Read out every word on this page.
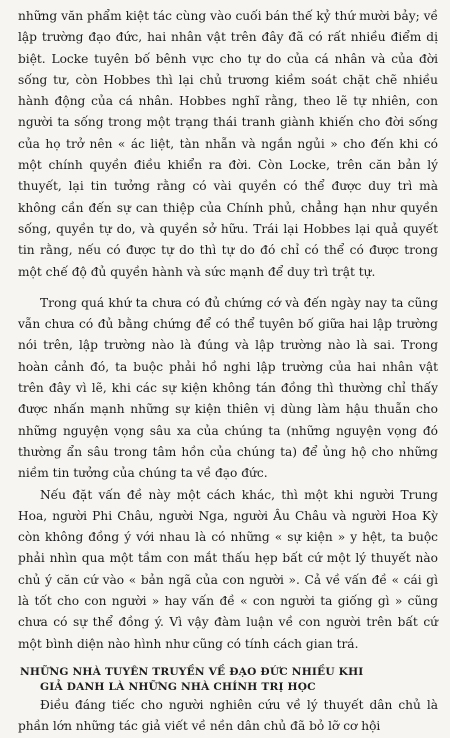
những văn phẩm kiệt tác cùng vào cuối bán thế kỷ thứ mười bảy; về lập trường đạo đức, hai nhân vật trên đây đã có rất nhiều điểm dị biệt. Locke tuyên bố bênh vực cho tự do của cá nhân và của đời sống tư, còn Hobbes thì lại chủ trương kiềm soát chặt chẽ nhiều hành động của cá nhân. Hobbes nghĩ rằng, theo lẽ tự nhiên, con người ta sống trong một trạng thái tranh giành khiến cho đời sống của họ trở nên « ác liệt, tàn nhẫn và ngắn ngủi » cho đến khi có một chính quyền điều khiển ra đời. Còn Locke, trên căn bản lý thuyết, lại tin tưởng rằng có vài quyền có thể được duy trì mà không cần đến sự can thiệp của Chính phủ, chẳng hạn như quyền sống, quyền tự do, và quyền sở hữu. Trái lại Hobbes lại quả quyết tin rằng, nếu có được tự do thì tự do đó chỉ có thể có được trong một chế độ đủ quyền hành và sức mạnh để duy trì trật tự.

Trong quá khứ ta chưa có đủ chứng cớ và đến ngày nay ta cũng vẫn chưa có đủ bằng chứng để có thể tuyên bố giữa hai lập trường nói trên, lập trường nào là đúng và lập trường nào là sai. Trong hoàn cảnh đó, ta buộc phải hồ nghi lập trường của hai nhân vật trên đây vì lẽ, khi các sự kiện không tán đồng thì thường chỉ thấy được nhấn mạnh những sự kiện thiên vị dùng làm hậu thuẫn cho những nguyện vọng sâu xa của chúng ta (những nguyện vọng đó thường ẩn sâu trong tâm hồn của chúng ta) để ủng hộ cho những niềm tin tưởng của chúng ta về đạo đức.

Nếu đặt vấn đề này một cách khác, thì một khi người Trung Hoa, người Phi Châu, người Nga, người Âu Châu và người Hoa Kỳ còn không đồng ý với nhau là có những « sự kiện » y hệt, ta buộc phải nhìn qua một tầm con mắt thấu hẹp bất cứ một lý thuyết nào chủ ý căn cứ vào « bản ngã của con người ». Cả về vấn đề « cái gì là tốt cho con người » hay vấn đề « con người ta giống gì » cũng chưa có sự thể đồng ý. Vì vậy đàm luận về con người trên bất cứ một bình diện nào hình như cũng có tính cách gian trá.

NHỮNG NHÀ TUYÊN TRUYỀN VỀ ĐẠO ĐỨC NHIỀU KHI
GIẢ DANH LÀ NHỮNG NHÀ CHÍNH TRỊ HỌC

Điều đáng tiếc cho người nghiên cứu về lý thuyết dân chủ là phần lớn những tác giả viết về nền dân chủ đã bỏ lỡ cơ hội
